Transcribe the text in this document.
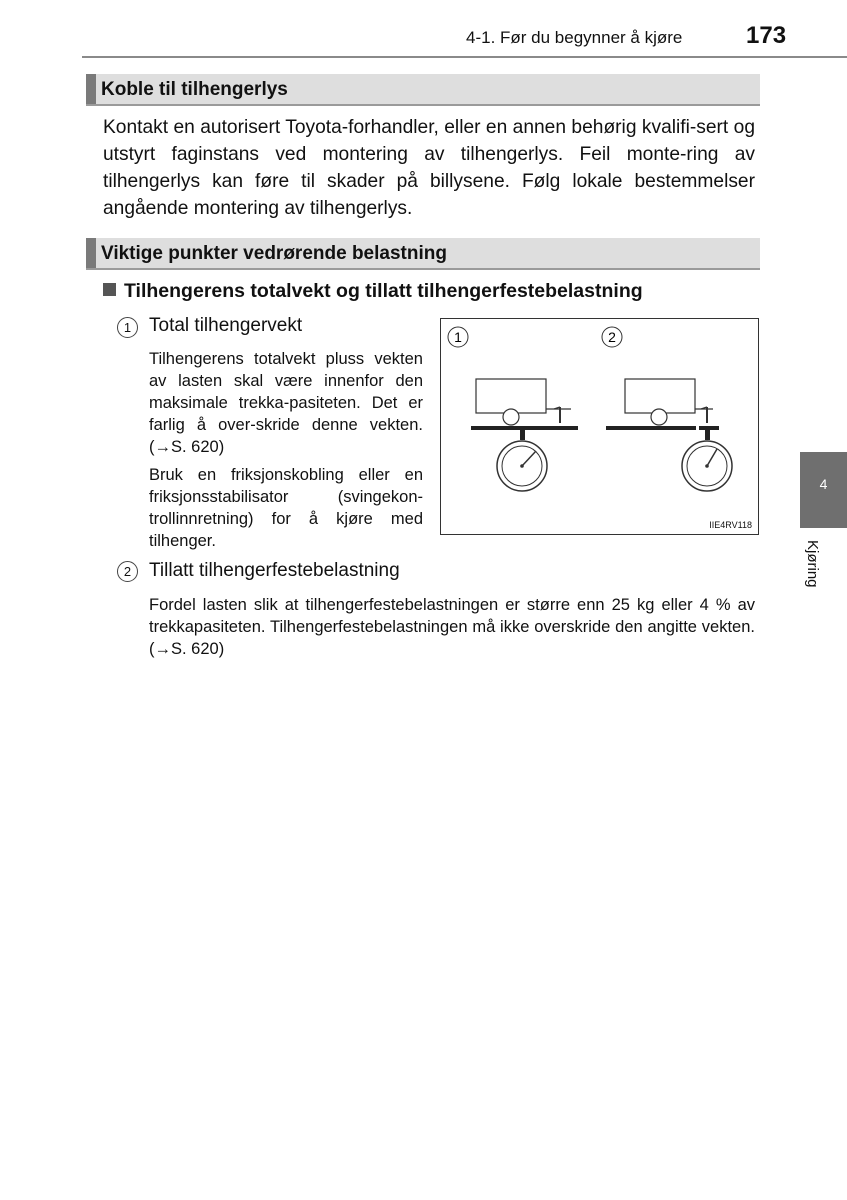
4-1. Før du begynner å kjøre	173
Koble til tilhengerlys
Kontakt en autorisert Toyota-forhandler, eller en annen behørig kvalifi-sert og utstyrt faginstans ved montering av tilhengerlys. Feil monte-ring av tilhengerlys kan føre til skader på billysene. Følg lokale bestemmelser angående montering av tilhengerlys.
Viktige punkter vedrørende belastning
Tilhengerens totalvekt og tillatt tilhengerfestebelastning
1 Total tilhengervekt
Tilhengerens totalvekt pluss vekten av lasten skal være innenfor den maksimale trekka-pasiteten. Det er farlig å over-skride denne vekten. (→S. 620)
Bruk en friksjonskobling eller en friksjonsstabilisator (svingekon-trollinnretning) for å kjøre med tilhenger.
1	2
IIE4RV118
2 Tillatt tilhengerfestebelastning
Fordel lasten slik at tilhengerfestebelastningen er større enn 25 kg eller 4 % av trekkapasiteten. Tilhengerfestebelastningen må ikke overskride den angitte vekten. (→S. 620)
4
Kjøring
